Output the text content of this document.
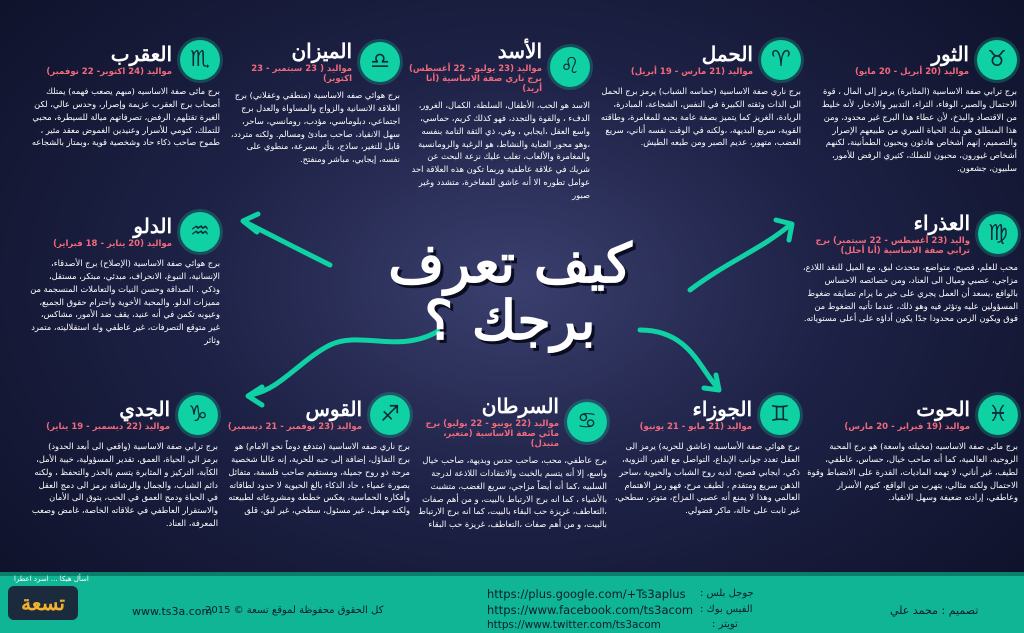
كيف تعرف
برجك ؟
♉
الثور
مواليد (20 أبريل - 20 مايو)
برج ترابي صفة الاساسية (المثابرة) يرمز إلى المال ، قوة الاحتمال والصبر، الوفاء، الثراء، التدبير والادخار، لأنه خليط من الاقتصاد والبذخ، لأن عطاء هذا البرج غير محدود، ومن هذا المنطلق هو بنك الحياة السري من طبيعهم الإصرار والتصميم، إنهم أشخاص هادئون ويحبون الطمأنينة، لكنهم أشخاص غيورون، محبون للتملك، كثيري الرفض للأمور، سلبيون، جشعون.
♈
الحمل
مواليد (21 مارس - 19 أبريل)
برج ناري صفة الاساسية (حماسه الشباب) يرمز برج الحمل الى الذات وثقته الكبيرة في النفس، الشجاعة، المبادرة، الريادة، الغريز كما يتميز بصفة عامة بحبه للمغامرة، وطاقته القوية، سريع البديهة، ،ولكنه في الوقت نفسه أناني، سريع الغضب، متهور، عديم الصبر ومن طبعه الطيش.
♌
الأسد
مواليد (23 يوليو - 22 أغسطس) برج ناري صفة الاساسية (أنا أريد)
الاسد هو الحب، الأطفال، السلطة، الكمال، الغرور، الدفء ، والقوة والتجدد، فهو كذلك كريم، حماسي، واسع العقل ،ايجابي ، وفي، ذي الثقة التامة بنفسه ،وهو محور العناية والنشاط، هو الرغبة والرومانسية والمغامرة والألعاب، تغلب عليك نزعة البحث عن شريك في علاقة عاطفية وربما تكون هذه العلاقة احد عوامل تطوره الا أنه عاشق للمفاخرة، متشدد وغير صبور
♎
الميزان
مواليد ( 23 سبتمبر - 23 اكتوبر)
برج هوائي صفه الاساسية (منطقي وعقلاني) برج العلاقة الانسانية والزواج والمساواة والعدل برج اجتماعي، دبلوماسي، مؤدب، رومانسي، ساحر، سهل الانقياد، صاحب مبادئ ومسالم. ولكنه متردد، قابل للتغير، ساذج، يتأثر بسرعة، منطوي على نفسه، إيجابي، مباشر ومنفتح.
♏
العقرب
مواليد (24 اكتوبر- 22 نوفمبر)
برج مائى صفة الاساسيه (مبهم يصعب فهمه) يمتلك أصحاب برج العقرب عزيمة وإصرار، وحدس عالي، لكن الغيرة تقتلهم، الرفض، تصرفاتهم ميالة للسيطرة، محبي للتملك، كتومي للأسرار وعنيدين الغموض معقد مثير ، طموح صاحب ذكاء حاد وشخصية قوية ،وبمتاز بالشجاعه
♍
العذراء
واليد (23 أغسطس - 22 سبتمبر) برج ترابي صفة الاساسية (أنا أحلل)
محب للعلم، فصيح، متواضع، متحدث لبق، مع الميل للنقد اللاذع، مزاجي، عصبي وميال الى العناد، ومن خصائصه الاحساس بالواقع ،يسعد أن العمل يجري على خير ما يرام تضايقه ضغوط المسؤولين عليه وتؤثر فيه وهو ذلك، عندما تأتيه الضغوط من فوق ويكون الزمن محدودا جدًا يكون أداؤه على أعلى مستوياته.
♒
الدلو
مواليد (20 يناير - 18 فبراير)
برج هوائي صفة الاساسية (الإصلاح) برج الأصدقاء، الإنسانية، النبوغ، الانحراف، مبدئي، مبتكر، مستقل، وذكي . الصداقة وحسن النيات والتعاملات المنسجمة من مميزات الدلو. والمحبة الأخوية واحترام حقوق الجميع، وعيوبه تكمن في أنه عنيد، يقف ضد الأمور، مشاكس، غير متوقع التصرفات، غير عاطفي وله استقلاليته، متمرد وثائر
♓
الحوت
مواليد (19 فبراير - 20 مارس)
برج مائى صفة الاساسيه (مخيلته واسعة) هو برج المحبة الروحية، العالمية، كما أنه صاحب خيال، حساس، عاطفي، لطيف، غير أناني، لا تهمه الماديات، القدرة على الانضباط وقوة الاحتمال ولكنه مثالي، يتهرب من الواقع، كتوم الأسرار وعاطفي، إرادته ضعيفة وسهل الانقياد.
♊
الجوزاء
مواليد (21 مايو - 21 يونيو)
برج هوائي صفة الأساسيه (عاشق للحريه) يرمز الى العقل تعدد جوانب الإبداع، التواصل مع الغير، النزوية، ذكي، ايجابي فصيح، لديه روح الشباب والحيوية ،ساحر الذهن سريع ومتقدم ، لطيف مرح، فهو رمز الاهتمام العالمي وهذا لا يمنع أنه عصبي المزاج، متوتر، سطحي، غير ثابت على حالة، ماكر فضولي.
♋
السرطان
مواليد (22 يونيو - 22 يوليو) برج مائي صفة الاساسية (متغير، متبدل)
برج عاطفي، محب، صاحب حدس وبديهة، صاحب خيال واسع، إلا أنه يتسم بالخبث والانتقادات اللاذعة لدرجة السلبيه ،كما أنه أيضاً مزاجي، سريع الغضب، متشبث بالأشياء ، كما انه برج الارتباط بالبيت، و من أهم صفات ،التعاطف، غريزة حب البقاء بالبيت، كما انه برج الارتباط بالبيت، و من أهم صفات ،التعاطف، غريزة حب البقاء
♐
القوس
مواليد (23 نوفمبر - 21 ديسمبر)
برج ناري صفه الاساسية (متدفع دوماً نحو الامام) هو برج التفاؤل، إضافة إلى حبه للحرية، إنه غالبا شخصية مرحة ذو روح جميلة، ومستقيم صاحب فلسفة، متفائل بصورة عمياء ، حاد الذكاء بالغ الحيوية لا حدود لطاقاته وأفكاره الحماسية، يعكس خططه ومشروعاته لطبيعته ولكنه مهمل، غير مسئول، سطحي، غير لبق، قلق
♑
الجدي
مواليد (22 ديسمبر - 19 يناير)
برج ترابي صفة الاساسية (واقعي الى أبعد الحدود) برمز الى الحياة، العمق، تقدير المسؤولية، خيبة الأمل، الكآبة، التركيز و المثابرة يتسم بالحذر والتحفظ ، ولكنه دائم الشباب، والجمال والرشاقة برمز الى دمج العقل في الحياة ودمج العمق في الحب، يتوق الى الأمان والاستقرار العاطفي في علاقاته الخاصة، غامض وصعب المعرفة، العناد.
اسأل هيكا ... اسرد اعطرا
تسعة	www.ts3a.com
كل الحقوق محفوظة لموقع تسعة © 2015
https://plus.google.com/+Ts3aplus جوجل بلس :
https://www.facebook.com/ts3acom الفيس بوك :
https://www.twitter.com/ts3acom	تويتر :
تصميم : محمد علي
